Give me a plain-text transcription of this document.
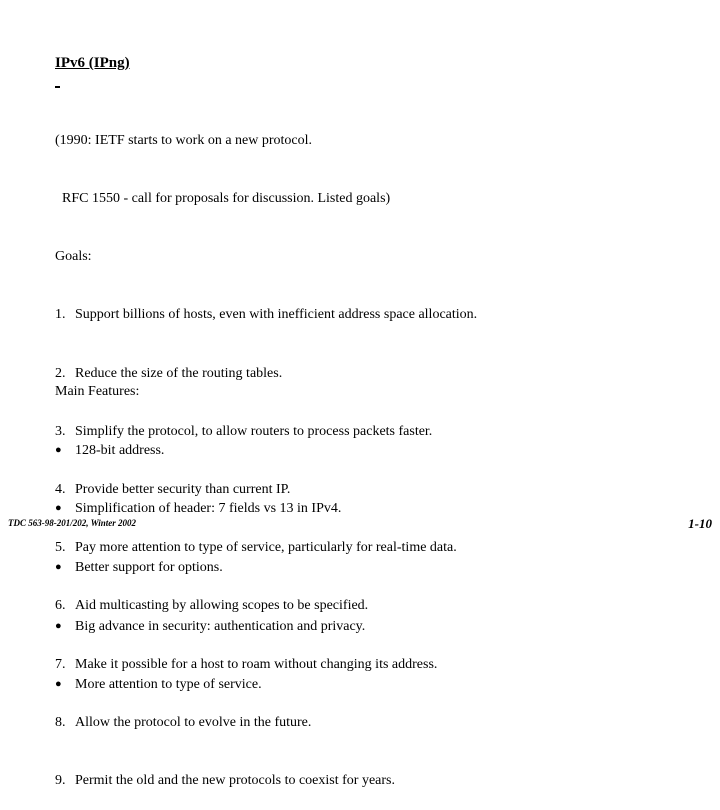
IPv6 (IPng)

(1990: IETF starts to work on a new protocol.

RFC 1550 - call for proposals for discussion. Listed goals)

Goals:

1. Support billions of hosts, even with inefficient address space allocation.

2. Reduce the size of the routing tables.

3. Simplify the protocol, to allow routers to process packets faster.

4. Provide better security than current IP.

5. Pay more attention to type of service, particularly for real-time data.

6. Aid multicasting by allowing scopes to be specified.

7. Make it possible for a host to roam without changing its address.

8. Allow the protocol to evolve in the future.

9. Permit the old and the new protocols to coexist for years.

Main Features:

● 128-bit address.

● Simplification of header: 7 fields vs 13 in IPv4.

● Better support for options.

● Big advance in security: authentication and privacy.

● More attention to type of service.

TDC 563-98-201/202, Winter 2002	1-10
